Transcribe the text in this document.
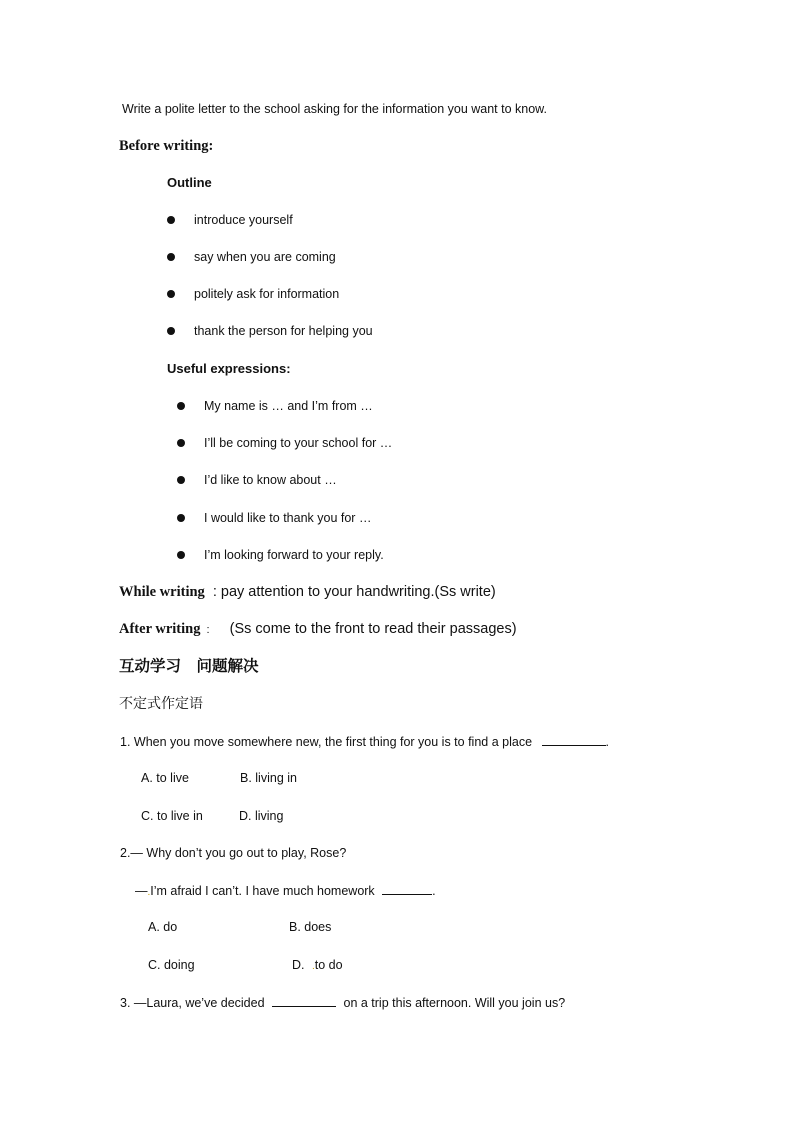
Write a polite letter to the school asking for the information you want to know.
Before writing:
Outline
introduce yourself
say when you are coming
politely ask for information
thank the person for helping you
Useful expressions:
My name is … and I’m from …
I’ll be coming to your school for …
I’d like to know about …
I would like to thank you for …
I’m looking forward to your reply.
While writing : pay attention to your handwriting.(Ss write)
After writing : (Ss come to the front to read their passages)
互动学习　问题解决
不定式作定语
1. When you move somewhere new, the first thing for you is to find a place	.
A. to live	B. living in
C. to live in	D. living
2.— Why don’t you go out to play, Rose?
—.I’m afraid I can’t. I have much homework	.
A. do	B. does
C. doing	D. .to do
3. —Laura, we’ve decided	on a trip this afternoon. Will you join us?
